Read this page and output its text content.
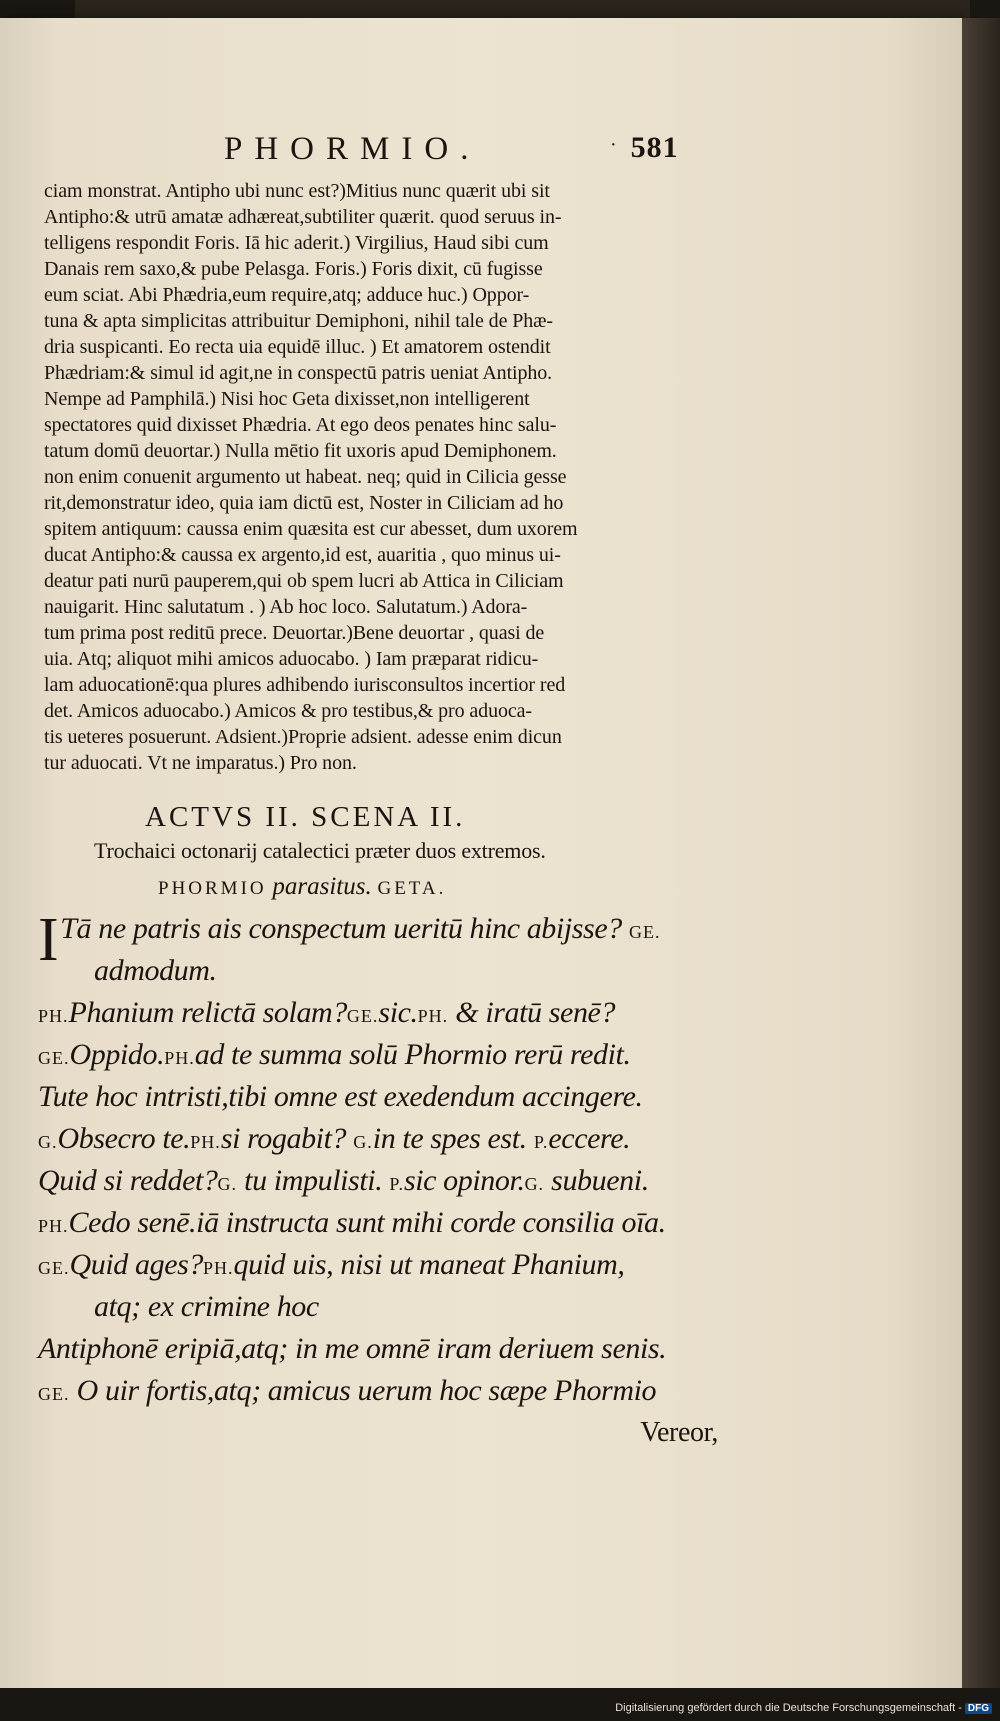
PHORMIO.	· 581
ciam monstrat. Antipho ubi nunc est?)Mitius nunc quærit ubi sit
Antipho:& utrū amatæ adhæreat,subtiliter quærit. quod seruus in-
telligens respondit Foris. Iā hic aderit.) Virgilius, Haud sibi cum
Danais rem saxo,& pube Pelasga. Foris.) Foris dixit, cū fugisse
eum sciat. Abi Phædria,eum require,atq; adduce huc.) Oppor-
tuna & apta simplicitas attribuitur Demiphoni, nihil tale de Phæ-
dria suspicanti. Eo recta uia equidē illuc. ) Et amatorem ostendit
Phædriam:& simul id agit,ne in conspectū patris ueniat Antipho.
Nempe ad Pamphilā.) Nisi hoc Geta dixisset,non intelligerent
spectatores quid dixisset Phædria. At ego deos penates hinc salu-
tatum domū deuortar.) Nulla mētio fit uxoris apud Demiphonem.
non enim conuenit argumento ut habeat. neq; quid in Cilicia gesse
rit,demonstratur ideo, quia iam dictū est, Noster in Ciliciam ad ho
spitem antiquum: caussa enim quæsita est cur abesset, dum uxorem
ducat Antipho:& caussa ex argento,id est, auaritia , quo minus ui-
deatur pati nurū pauperem,qui ob spem lucri ab Attica in Ciliciam
nauigarit. Hinc salutatum . ) Ab hoc loco. Salutatum.) Adora-
tum prima post reditū prece. Deuortar.)Bene deuortar , quasi de
uia. Atq; aliquot mihi amicos aduocabo. ) Iam præparat ridicu-
lam aduocationē:qua plures adhibendo iurisconsultos incertior red
det. Amicos aduocabo.) Amicos & pro testibus,& pro aduoca-
tis ueteres posuerunt. Adsient.)Proprie adsient. adesse enim dicun
tur aduocati. Vt ne imparatus.) Pro non.
ACTVS II. SCENA II.
Trochaici octonarij catalectici præter duos extremos.
PHORMIO parasitus. GETA.
ITā ne patris ais conspectum ueritū hinc abijsse? GE.
admodum.
PH.Phanium relictā solam?GE.sic.PH. & iratū senē?
GE.Oppido.PH.ad te summa solū Phormio rerū redit.
Tute hoc intristi,tibi omne est exedendum accingere.
G.Obsecro te.PH.si rogabit? G.in te spes est. P.eccere.
Quid si reddet?G. tu impulisti. P.sic opinor.G. subueni.
PH.Cedo senē.iā instructa sunt mihi corde consilia oīa.
GE.Quid ages?PH.quid uis, nisi ut maneat Phanium,
atq; ex crimine hoc
Antiphonē eripiā,atq; in me omnē iram deriuem senis.
GE. O uir fortis,atq; amicus uerum hoc sæpe Phormio
Vereor,
Digitalisierung gefördert durch die Deutsche Forschungsgemeinschaft - DFG
